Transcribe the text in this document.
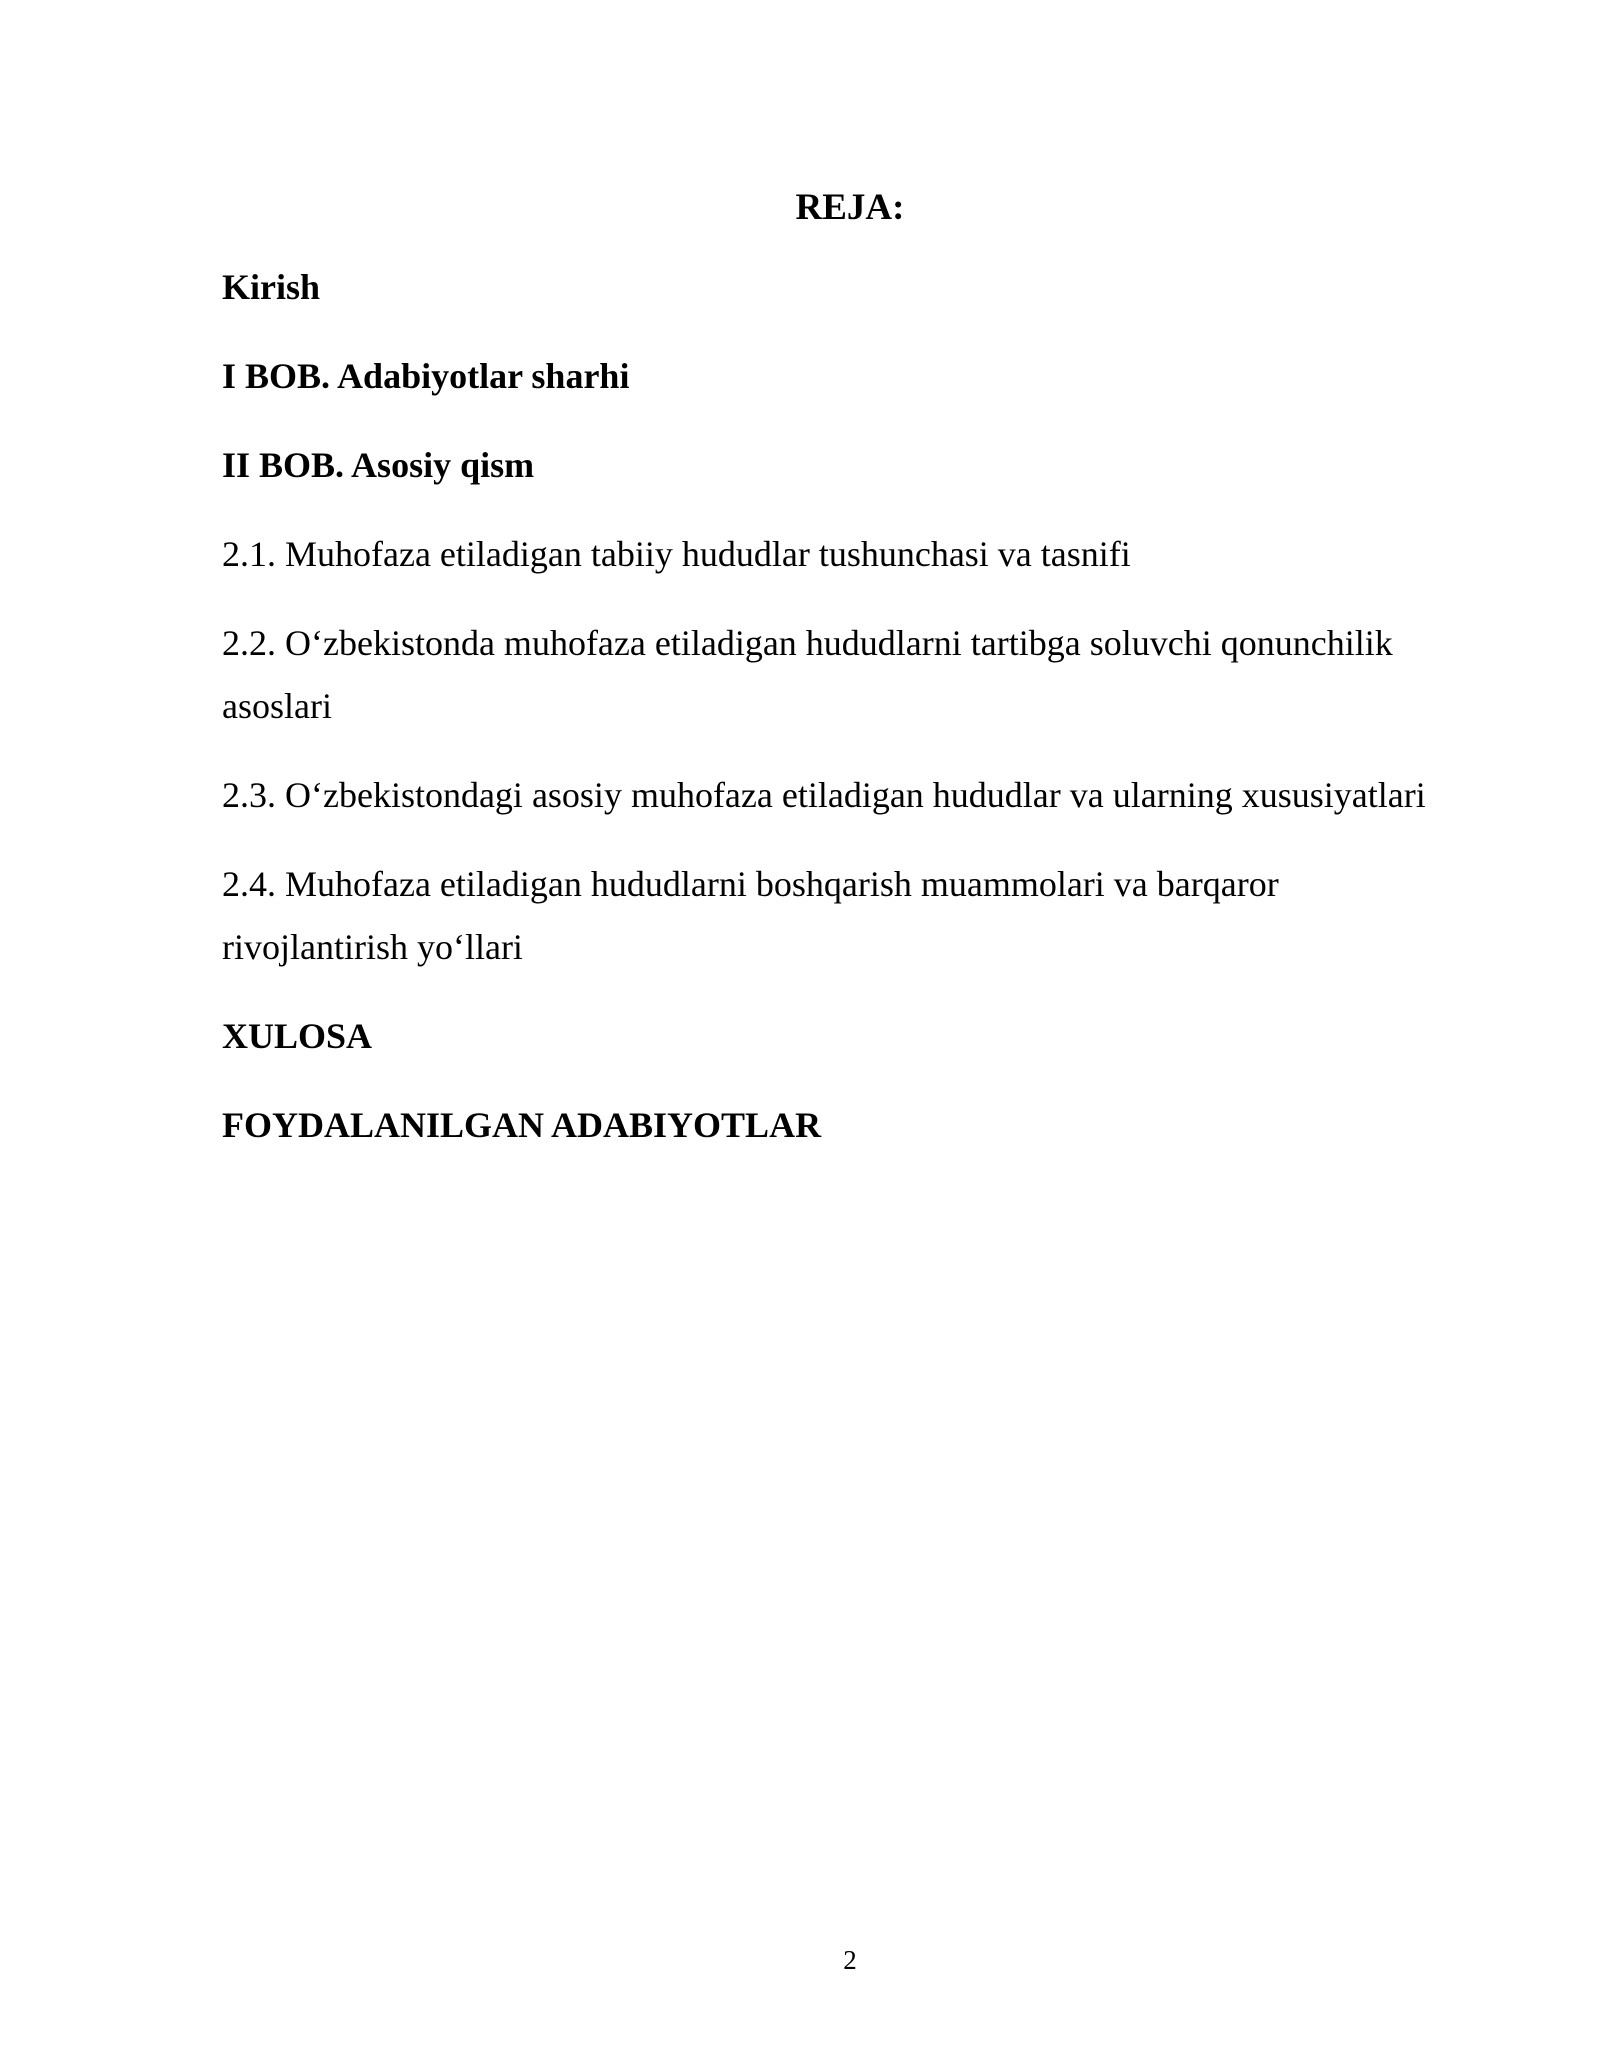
REJA:
Kirish
I BOB. Adabiyotlar sharhi
II BOB. Asosiy qism
2.1. Muhofaza etiladigan tabiiy hududlar tushunchasi va tasnifi
2.2. O‘zbekistonda muhofaza etiladigan hududlarni tartibga soluvchi qonunchilik asoslari
2.3. O‘zbekistondagi asosiy muhofaza etiladigan hududlar va ularning xususiyatlari
2.4. Muhofaza etiladigan hududlarni boshqarish muammolari va barqaror rivojlantirish yo‘llari
XULOSA
FOYDALANILGAN ADABIYOTLAR
2
